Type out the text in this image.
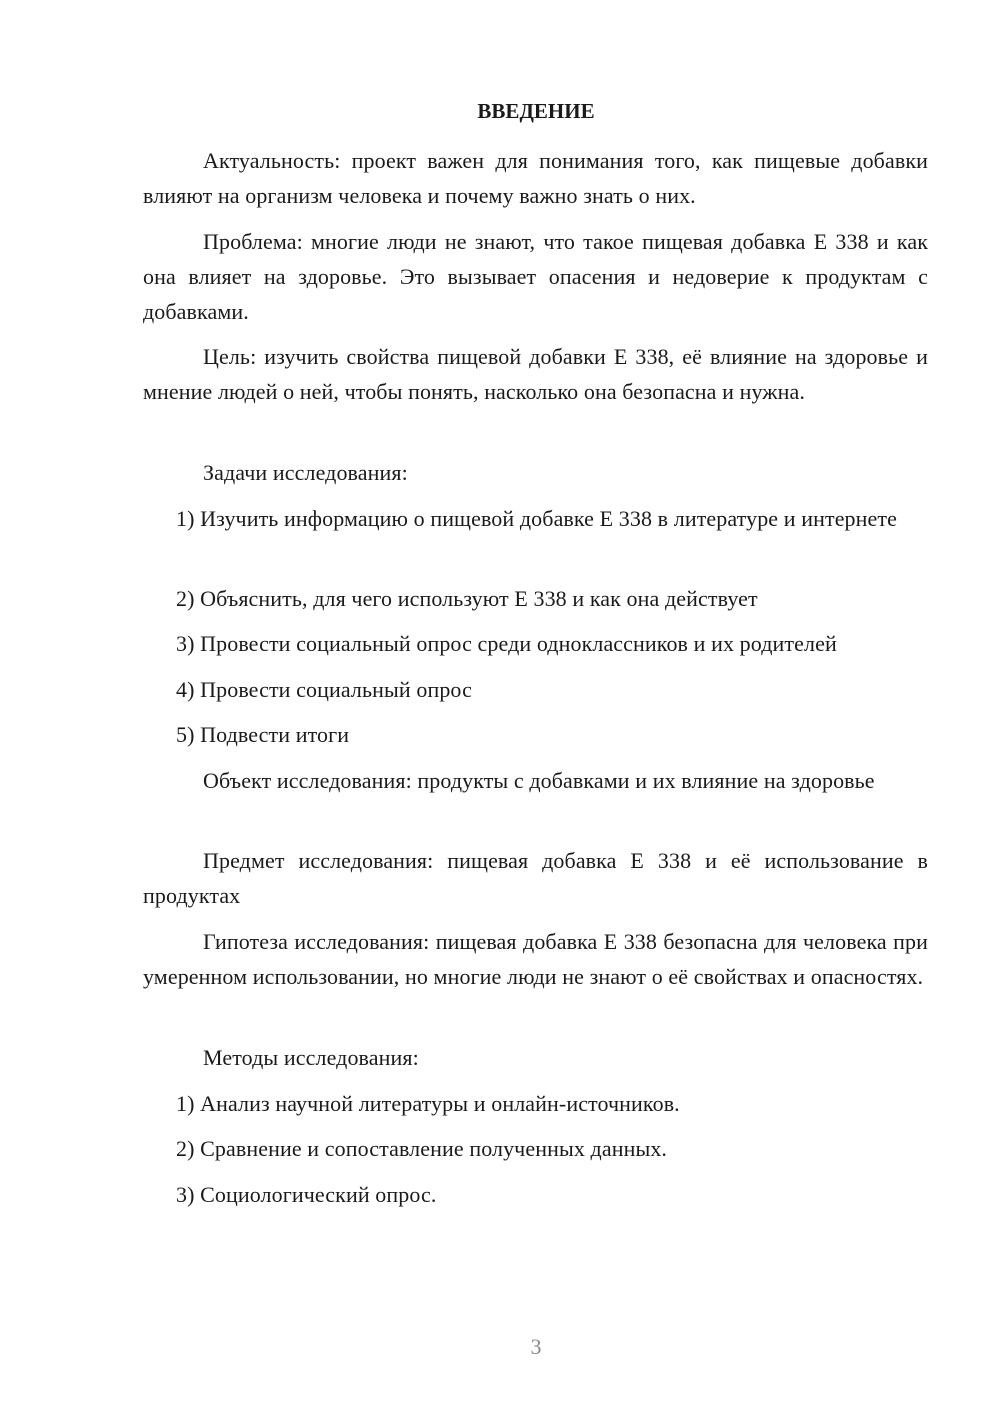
ВВЕДЕНИЕ

Актуальность: проект важен для понимания того, как пищевые добавки влияют на организм человека и почему важно знать о них.

Проблема: многие люди не знают, что такое пищевая добавка Е 338 и как она влияет на здоровье. Это вызывает опасения и недоверие к продуктам с добавками.

Цель: изучить свойства пищевой добавки Е 338, её влияние на здоровье и мнение людей о ней, чтобы понять, насколько она безопасна и нужна.

Задачи исследования:

1) Изучить информацию о пищевой добавке Е 338 в литературе и интернете

2) Объяснить, для чего используют Е 338 и как она действует

3) Провести социальный опрос среди одноклассников и их родителей

4) Провести социальный опрос

5) Подвести итоги

Объект исследования: продукты с добавками и их влияние на здоровье

Предмет исследования: пищевая добавка Е 338 и её использование в продуктах

Гипотеза исследования: пищевая добавка Е 338 безопасна для человека при умеренном использовании, но многие люди не знают о её свойствах и опасностях.

Методы исследования:

1) Анализ научной литературы и онлайн-источников.

2) Сравнение и сопоставление полученных данных.

3) Социологический опрос.

3
